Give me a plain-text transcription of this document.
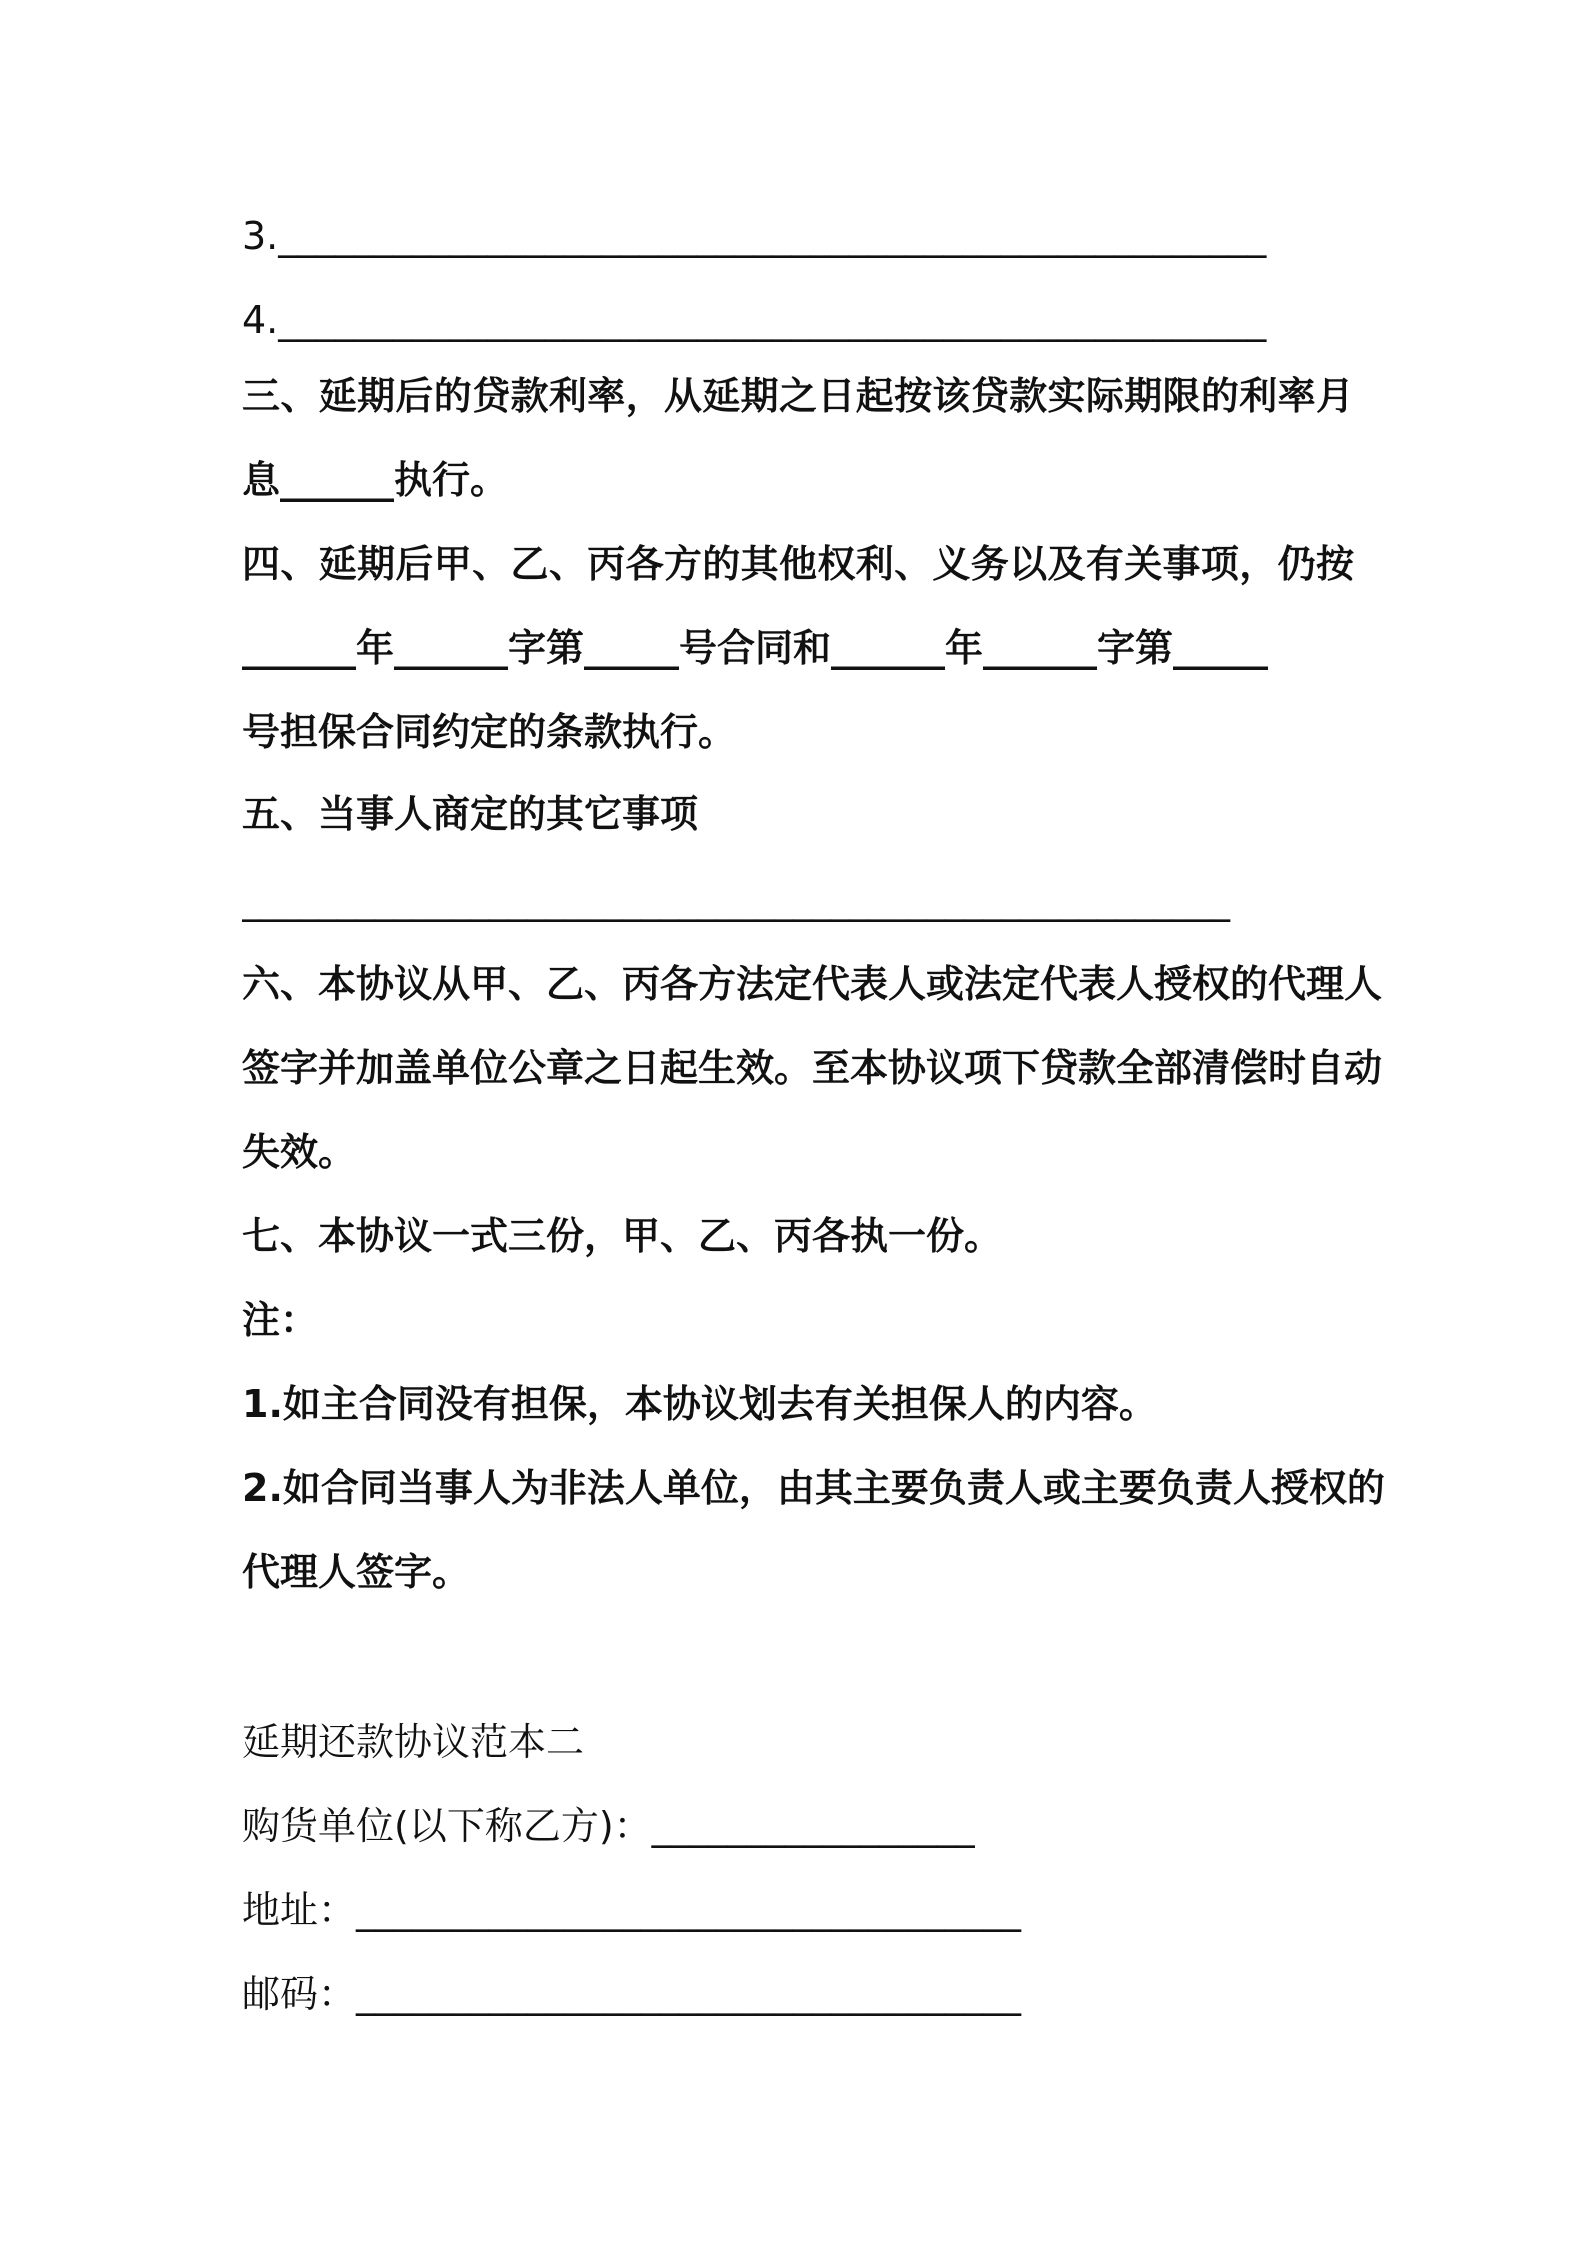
3.____________________________________________________
4.____________________________________________________
三、延期后的贷款利率，从延期之日起按该贷款实际期限的利率月
息______执行。
四、延期后甲、乙、丙各方的其他权利、义务以及有关事项，仍按
______年______字第_____号合同和______年______字第_____
号担保合同约定的条款执行。
五、当事人商定的其它事项
____________________________________________________
六、本协议从甲、乙、丙各方法定代表人或法定代表人授权的代理人
签字并加盖单位公章之日起生效。至本协议项下贷款全部清偿时自动
失效。
七、本协议一式三份，甲、乙、丙各执一份。
注：
1.如主合同没有担保，本协议划去有关担保人的内容。
2.如合同当事人为非法人单位，由其主要负责人或主要负责人授权的
代理人签字。
延期还款协议范本二
购货单位(以下称乙方)：_________________
地址：___________________________________
邮码：___________________________________
